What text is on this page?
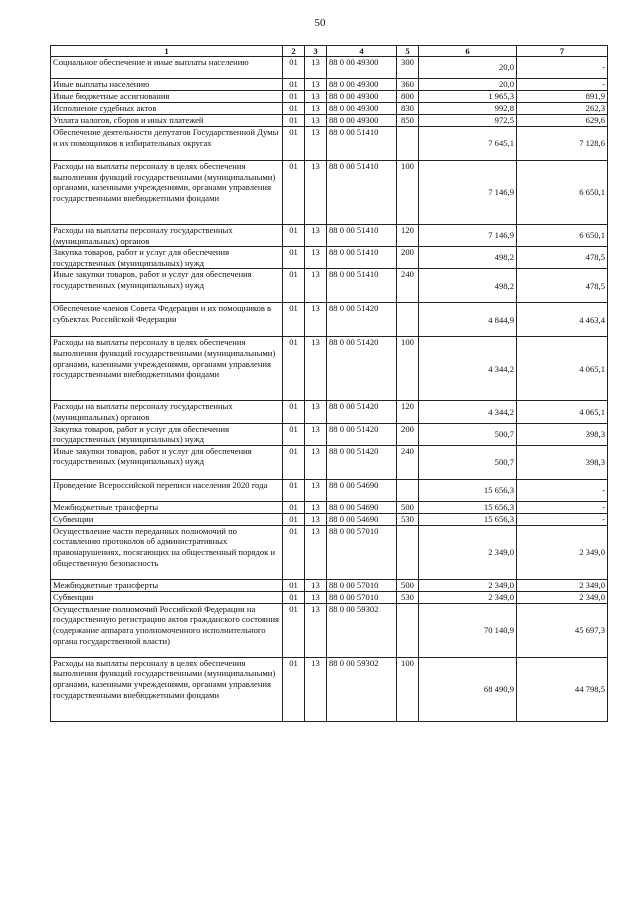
50
1	2	3	4	5	6	7
Социальное обеспечение и иные выплаты населению	01	13	88 0 00 49300	300	20,0	-
Иные выплаты населению	01	13	88 0 00 49300	360	20,0	-
Иные бюджетные ассигнования	01	13	88 0 00 49300	800	1 965,3	891,9
Исполнение судебных актов	01	13	88 0 00 49300	830	992,8	262,3
Уплата налогов, сборов и иных платежей	01	13	88 0 00 49300	850	972,5	629,6
Обеспечение деятельности депутатов Государственной Думы и их помощников в избирательных округах	01	13	88 0 00 51410		7 645,1	7 128,6
Расходы на выплаты персоналу в целях обеспечения выполнения функций государственными (муниципальными) органами, казенными учреждениями, органами управления государственными внебюджетными фондами	01	13	88 0 00 51410	100	7 146,9	6 650,1
Расходы на выплаты персоналу государственных (муниципальных) органов	01	13	88 0 00 51410	120	7 146,9	6 650,1
Закупка товаров, работ и услуг для обеспечения государственных (муниципальных) нужд	01	13	88 0 00 51410	200	498,2	478,5
Иные закупки товаров, работ и услуг для обеспечения государственных (муниципальных) нужд	01	13	88 0 00 51410	240	498,2	478,5
Обеспечение членов Совета Федерации и их помощников в субъектах Российской Федерации	01	13	88 0 00 51420		4 844,9	4 463,4
Расходы на выплаты персоналу в целях обеспечения выполнения функций государственными (муниципальными) органами, казенными учреждениями, органами управления государственными внебюджетными фондами	01	13	88 0 00 51420	100	4 344,2	4 065,1
Расходы на выплаты персоналу государственных (муниципальных) органов	01	13	88 0 00 51420	120	4 344,2	4 065,1
Закупка товаров, работ и услуг для обеспечения государственных (муниципальных) нужд	01	13	88 0 00 51420	200	500,7	398,3
Иные закупки товаров, работ и услуг для обеспечения государственных (муниципальных) нужд	01	13	88 0 00 51420	240	500,7	398,3
Проведение Всероссийской переписи населения 2020 года	01	13	88 0 00 54690		15 656,3	-
Межбюджетные трансферты	01	13	88 0 00 54690	500	15 656,3	-
Субвенции	01	13	88 0 00 54690	530	15 656,3	-
Осуществление части переданных полномочий по составлению протоколов об административных правонарушениях, посягающих на общественный порядок и общественную безопасность	01	13	88 0 00 57010		2 349,0	2 349,0
Межбюджетные трансферты	01	13	88 0 00 57010	500	2 349,0	2 349,0
Субвенции	01	13	88 0 00 57010	530	2 349,0	2 349,0
Осуществление полномочий Российской Федерации на государственную регистрацию актов гражданского состояния (содержание аппарата уполномоченного исполнительного органа государственной власти)	01	13	88 0 00 59302		70 140,9	45 697,3
Расходы на выплаты персоналу в целях обеспечения выполнения функций государственными (муниципальными) органами, казенными учреждениями, органами управления государственными внебюджетными фондами	01	13	88 0 00 59302	100	68 490,9	44 798,5
